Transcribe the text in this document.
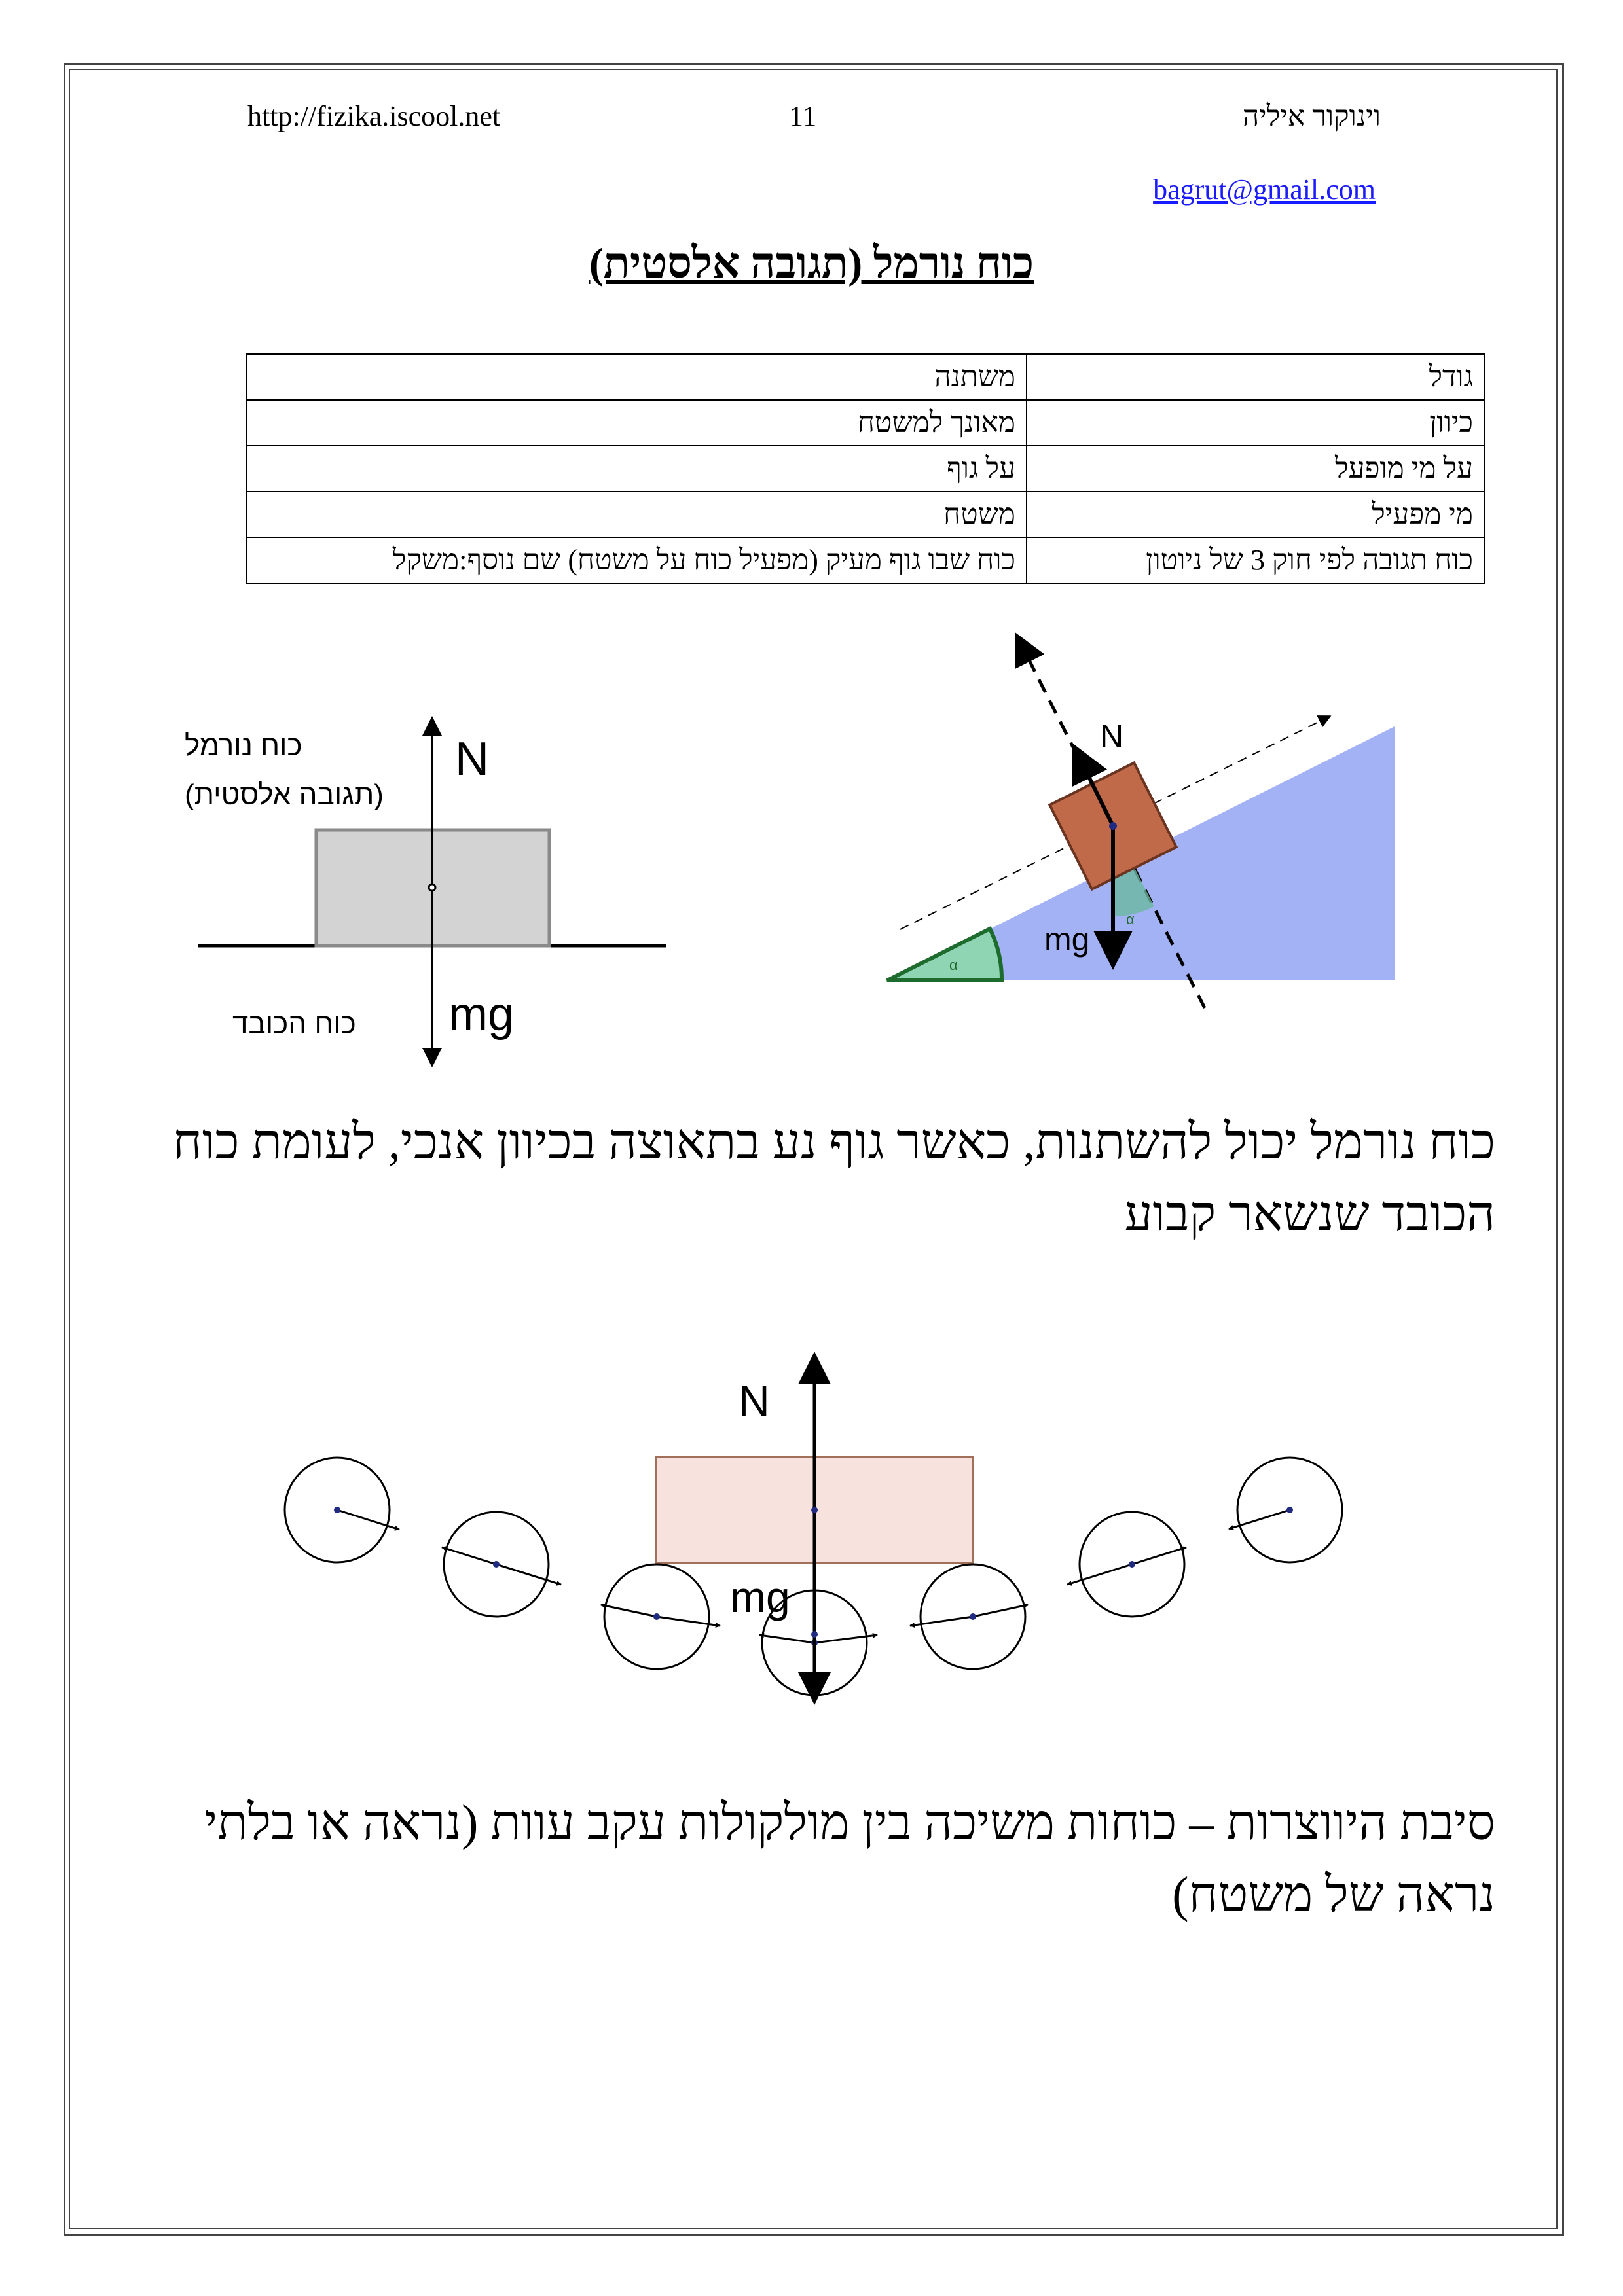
http://fizika.iscool.net	11	וינוקור איליה
bagrut@gmail.com
כוח נורמל (תגובה אלסטית)
גודל	משתנה
כיוון	מאונך למשטח
על מי מופעל	על גוף
מי מפעיל	משטח
כוח תגובה לפי חוק 3 של ניוטון	כוח שבו גוף מעיק (מפעיל כוח על משטח) שם נוסף:משקל
כוח נורמל
(תגובה אלסטית)
N
mg
כוח הכובד
N
mg
α
α
כוח נורמל יכול להשתנות, כאשר גוף נע בתאוצה בכיוון אנכי, לעומת כוח הכובד שנשאר קבוע
N
mg
סיבת היווצרות – כוחות משיכה בין מולקולות עקב עוות (נראה או בלתי נראה של משטח)
